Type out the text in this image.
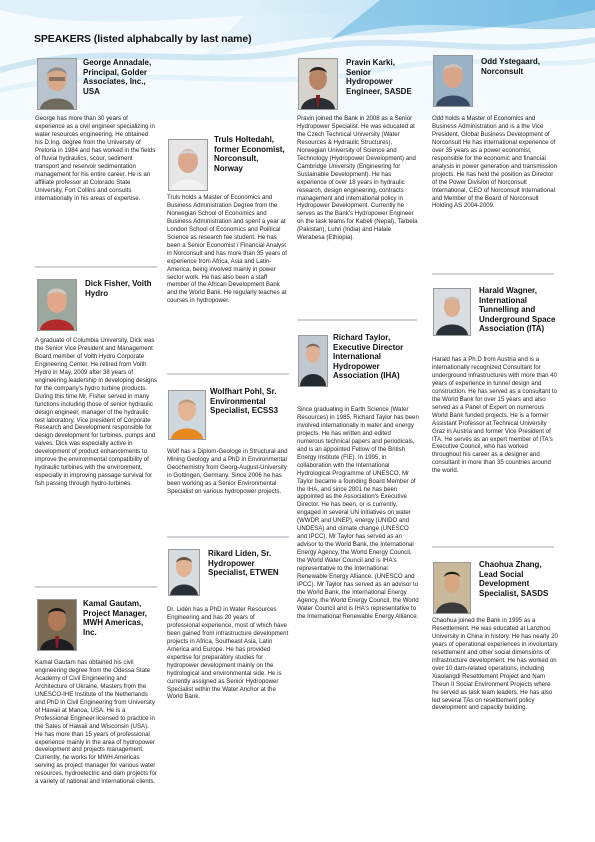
SPEAKERS (listed alphabcally by last name)
George Annadale, Principal, Golder Associates, Inc., USA
George has more than 30 years of experience as a civil engineer specializing in water resources engineering. He obtained his D.Ing. degree from the University of Pretoria in 1984 and has worked in the fields of fluvial hydraulics, scour, sediment transport and reservoir sedimentation management for his entire career. He is an affiliate professor at Colorado State University, Fort Collins and consults internationally in his areas of expertise.
Dick Fisher, Voith Hydro
A graduate of Columbia University, Dick was the Senior Vice President and Management Board member of Voith Hydro Corporate Engineering Center. He retired from Voith Hydro in May, 2009 after 38 years of engineering leadership in developing designs for the company's hydro turbine products. During this time Mr. Fisher served in many functions including those of senior hydraulic design engineer, manager of the hydraulic test laboratory, Vice president of Corporate Research and Development responsible for design development for turbines, pumps and valves. Dick was especially active in development of product enhancements to improve the environmental compatibility of hydraulic turbines with the environment, especially in improving passage survival for fish passing through hydro-turbines.
Kamal Gautam, Project Manager, MWH Americas, Inc.
Kamal Gautam has obtained his civil engineering degree from the Odessa State Academy of Civil Engineering and Architecture of Ukraine, Masters from the UNESCO-IHE Institute of the Netherlands and PhD in Civil Engineering from University of Hawaii at Manoa, USA. He is a Professional Engineer licensed to practice in the Sates of Hawaii and Wisconsin (USA). He has more than 15 years of professional experience mainly in the area of hydropower development and projects management. Currently, he works for MWH Americas serving as project manager for various water resources, hydroelectric and dam projects for a variety of national and international clients.
Truls Holtedahl, former Economist, Norconsult, Norway
Truls holds a Master of Economics and Business Administration Degree from the Norwegian School of Economics and Business Administration and spent a year at London School of Economics and Political Science as research fee student. He has been a Senior Economist / Financial Analyst in Norconsult and has more than 35 years of experience from Africa, Asia and Latin-America, being involved mainly in power sector work. He has also been a staff member of the African Development Bank and the World Bank. He regularly teaches at courses in hydropower.
Wolfhart Pohl, Sr. Environmental Specialist, ECSS3
Wolf has a Diplom-Geologe in Structural and Mining Geology and a PhD in Environmental Geochemistry from Georg-August-University in Gottingen, Germany. Since 2006 he has been working as a Senior Environmental Specialist on various hydropower projects.
Rikard Liden, Sr. Hydropower Specialist, ETWEN
Dr. Lidén has a PhD in Water Resources Engineering and has 20 years of professional experience, most of which have been gained from infrastructure development projects in Africa, Southeast Asia, Latin America and Europe. He has provided expertise for preparatory studies for hydropower development mainly on the hydrological and environmental side. He is currently assigned as Senior Hydropower Specialist within the Water Anchor at the World Bank.
Pravin Karki, Senior Hydropower Engineer, SASDE
Pravin joined the Bank in 2008 as a Senior Hydropower Specialist. He was educated at the Czech Technical University (Water Resources & Hydraulic Structures), Norwegian University of Science and Technology (Hydropower Development) and Cambridge University (Engineering for Sustainable Development). He has experience of over 18 years in hydraulic research, design engineering, contracts management and international policy in Hydropower Development. Currently he serves as the Bank's Hydropower Engineer on the task teams for Kabeli (Nepal), Tarbela (Pakistan), Luhri (India) and Halale Werabesa (Ethiopia).
Richard Taylor, Executive Director International Hydropower Association (IHA)
Since graduating in Earth Science (Water Resources) in 1985, Richard Taylor has been involved internationally in water and energy projects. He has written and edited numerous technical papers and periodicals, and is an appointed Fellow of the British Energy Institute (FIE). In 1995, in collaboration with the International Hydrological Programme of UNESCO, Mr Taylor became a founding Board Member of the IHA, and since 2001 he has been appointed as the Association's Executive Director. He has been, or is currently, engaged in several UN initiatives on water (WWDR and UNEP), energy (UNIDO and UNDESA) and climate change (UNESCO and IPCC). Mr Taylor has served as an advisor to the World Bank, the International Energy Agency, the World Energy Council, the World Water Council and is IHA's representative to the International Renewable Energy Alliance. (UNESCO and IPCC). Mr Taylor has served as an advisor to the World Bank, the International Energy Agency, the World Energy Council, the World Water Council and is IHA's representative to the International Renewable Energy Alliance.
Odd Ystegaard, Norconsult
Odd holds a Master of Economics and Business Administration and is a the Vice President, Global Business Development of Norconsult He has international experience of over 35 years as a power economist, responsible for the economic and financial analysis in power generation and transmission projects. He has held the position as Director of the Power Division of Norconsult International, CEO of Norconsult International and Member of the Board of Norconsult Holding AS 2004-2009.
Harald Wagner, International Tunnelling and Underground Space Association (ITA)
Harald has a Ph.D from Austria and is a internationally recognized Consultant for underground infrastructures with more than 40 years of experience in tunnel design and construction. He has served as a consultant to the World Bank for over 15 years and also served as a Panel of Expert on numerous World Bank funded projects. He is a former Assistant Professor at Technical University Graz in Austria and former Vice President of ITA. He serves as an expert member of ITA's Executive Council, who has worked throughout his career as a designer and consultant in more than 35 countries around the world.
Chaohua Zhang, Lead Social Development Specialist, SASDS
Chaohua joined the Bank in 1995 as a Resettlement. He was educated at Lanzhou University in China in history. He has nearly 20 years of operational experiences in involuntary resettlement and other social dimensions of infrastructure development. He has worked on over 10 dam-related operations, including Xiaolangdi Resettlement Project and Nam Theun II Social Environment Projects where he served as task team leaders. He has also led several TAs on resettlement policy development and capacity building.
